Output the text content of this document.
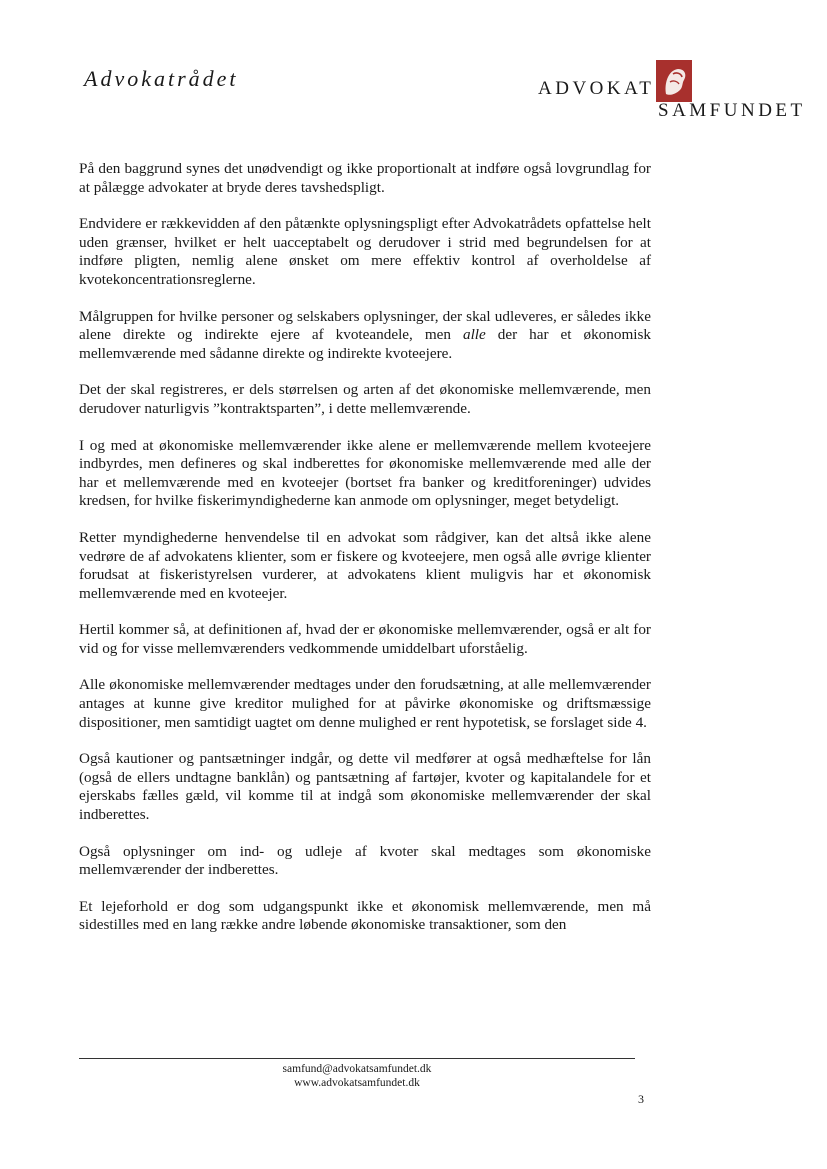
Advokatrådet	ADVOKAT
SAMFUNDET

På den baggrund synes det unødvendigt og ikke proportionalt at indføre også lovgrundlag for at pålægge advokater at bryde deres tavshedspligt.

Endvidere er rækkevidden af den påtænkte oplysningspligt efter Advokatrådets opfattelse helt uden grænser, hvilket er helt uacceptabelt og derudover i strid med begrundelsen for at indføre pligten, nemlig alene ønsket om mere effektiv kontrol af overholdelse af kvotekoncentrationsreglerne.

Målgruppen for hvilke personer og selskabers oplysninger, der skal udleveres, er således ikke alene direkte og indirekte ejere af kvoteandele, men alle der har et økonomisk mellemværende med sådanne direkte og indirekte kvoteejere.

Det der skal registreres, er dels størrelsen og arten af det økonomiske mellemværende, men derudover naturligvis ”kontraktsparten”, i dette mellemværende.

I og med at økonomiske mellemværender ikke alene er mellemværende mellem kvoteejere indbyrdes, men defineres og skal indberettes for økonomiske mellemværende med alle der har et mellemværende med en kvoteejer (bortset fra banker og kreditforeninger) udvides kredsen, for hvilke fiskerimyndighederne kan anmode om oplysninger, meget betydeligt.

Retter myndighederne henvendelse til en advokat som rådgiver, kan det altså ikke alene vedrøre de af advokatens klienter, som er fiskere og kvoteejere, men også alle øvrige klienter forudsat at fiskeristyrelsen vurderer, at advokatens klient muligvis har et økonomisk mellemværende med en kvoteejer.

Hertil kommer så, at definitionen af, hvad der er økonomiske mellemværender, også er alt for vid og for visse mellemværenders vedkommende umiddelbart uforståelig.

Alle økonomiske mellemværender medtages under den forudsætning, at alle mellemværender antages at kunne give kreditor mulighed for at påvirke økonomiske og driftsmæssige dispositioner, men samtidigt uagtet om denne mulighed er rent hypotetisk, se forslaget side 4.

Også kautioner og pantsætninger indgår, og dette vil medfører at også medhæftelse for lån (også de ellers undtagne banklån) og pantsætning af fartøjer, kvoter og kapitalandele for et ejerskabs fælles gæld, vil komme til at indgå som økonomiske mellemværender der skal indberettes.

Også oplysninger om ind- og udleje af kvoter skal medtages som økonomiske mellemværender der indberettes.

Et lejeforhold er dog som udgangspunkt ikke et økonomisk mellemværende, men må sidestilles med en lang række andre løbende økonomiske transaktioner, som den

samfund@advokatsamfundet.dk
www.advokatsamfundet.dk
3
